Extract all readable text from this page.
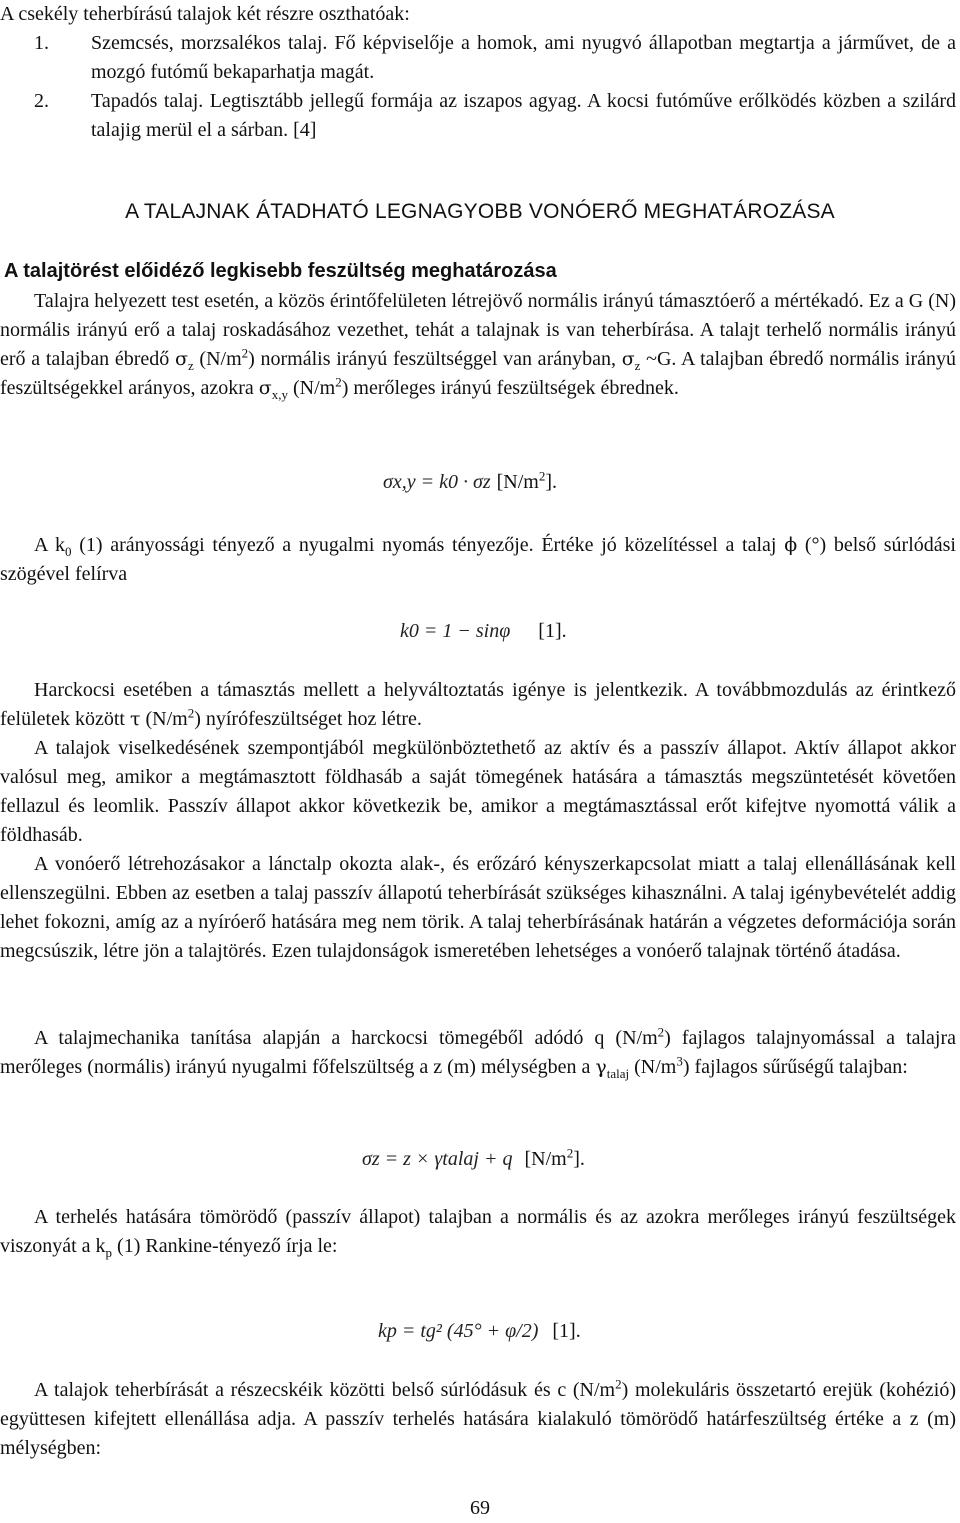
A csekély teherbírású talajok két részre oszthatóak:

1. Szemcsés, morzsalékos talaj. Fő képviselője a homok, ami nyugvó állapotban megtartja a járművet, de a mozgó futómű bekaparhatja magát.
2. Tapadós talaj. Legtisztább jellegű formája az iszapos agyag. A kocsi futóműve erőlködés közben a szilárd talajig merül el a sárban. [4]
A TALAJNAK ÁTADHATÓ LEGNAGYOBB VONÓERŐ MEGHATÁROZÁSA
A talajtörést előidéző legkisebb feszültség meghatározása

Talajra helyezett test esetén, a közös érintőfelületen létrejövő normális irányú támasztóerő a mértékadó. Ez a G (N) normális irányú erő a talaj roskadásához vezethet, tehát a talajnak is van teherbírása. A talajt terhelő normális irányú erő a talajban ébredő $\sigma_z$ $(N/m^2)$ normális irányú feszültséggel van arányban, $\sigma_z$ ~G. A talajban ébredő normális irányú feszültségekkel arányos, azokra $\sigma_{x,y}$ $(N/m^2)$ merőleges irányú feszültségek ébrednek.

σx,y = k0 · σz $[N/m^2]$.

A $k_0$ (1) arányossági tényező a nyugalmi nyomás tényezője. Értéke jó közelítéssel a talaj ϕ (°) belső súrlódási szögével felírva

k0 = 1 − sinφ [1].

Harckocsi esetében a támasztás mellett a helyváltoztatás igénye is jelentkezik. A továbbmozdulás az érintkező felületek között τ $(N/m^2)$ nyírófeszültséget hoz létre.

A talajok viselkedésének szempontjából megkülönböztethető az aktív és a passzív állapot. Aktív állapot akkor valósul meg, amikor a megtámasztott földhasáb a saját tömegének hatására a támasztás megszüntetését követően fellazul és leomlik. Passzív állapot akkor következik be, amikor a megtámasztással erőt kifejtve nyomottá válik a földhasáb.

A vonóerő létrehozásakor a lánctalp okozta alak-, és erőzáró kényszerkapcsolat miatt a talaj ellenállásának kell ellenszegülni. Ebben az esetben a talaj passzív állapotú teherbírását szükséges kihasználni. A talaj igénybevételét addig lehet fokozni, amíg az a nyíróerő hatására meg nem törik. A talaj teherbírásának határán a végzetes deformációja során megcsúszik, létre jön a talajtörés. Ezen tulajdonságok ismeretében lehetséges a vonóerő talajnak történő átadása.

A talajmechanika tanítása alapján a harckocsi tömegéből adódó q $(N/m^2)$ fajlagos talajnyomással a talajra merőleges (normális) irányú nyugalmi főfelszültség a z (m) mélységben a $\gamma_{talaj}$ $(N/m^3)$ fajlagos sűrűségű talajban:

σz = z × γtalaj + q $[N/m^2]$.

A terhelés hatására tömörödő (passzív állapot) talajban a normális és az azokra merőleges irányú feszültségek viszonyát a $k_p$ (1) Rankine-tényező írja le:

kp = tg² (45° + φ/2) [1].

A talajok teherbírását a részecskéik közötti belső súrlódásuk és c $(N/m^2)$ molekuláris összetartó erejük (kohézió) együttesen kifejtett ellenállása adja. A passzív terhelés hatására kialakuló tömörödő határfeszültség értéke a z (m) mélységben:

69
